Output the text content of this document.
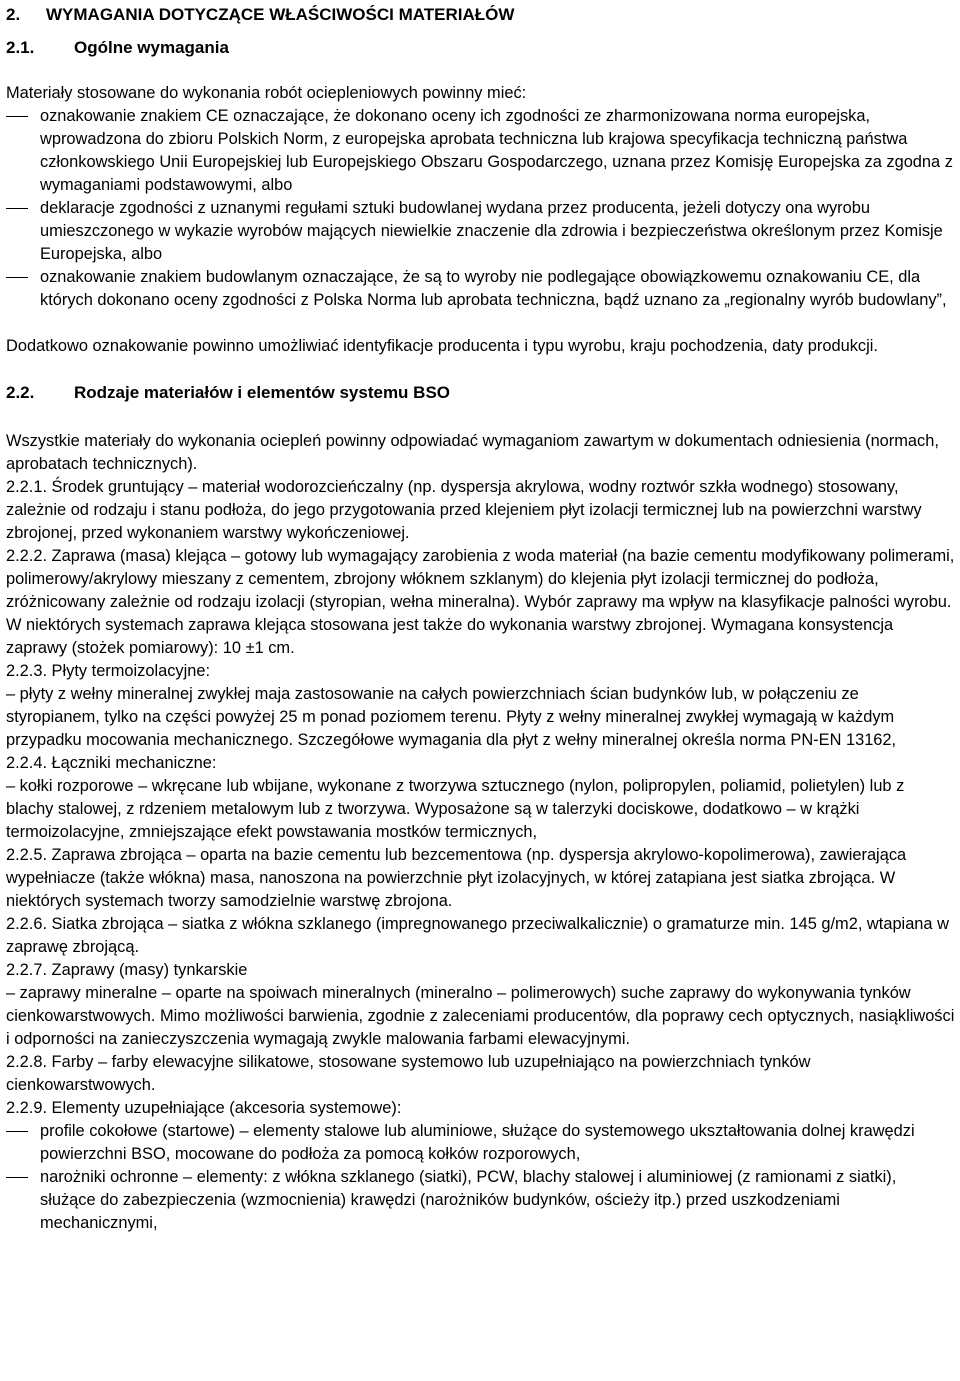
2. WYMAGANIA DOTYCZĄCE WŁAŚCIWOŚCI MATERIAŁÓW
2.1. Ogólne wymagania

Materiały stosowane do wykonania robót ociepleniowych powinny mieć:

oznakowanie znakiem CE oznaczające, że dokonano oceny ich zgodności ze zharmonizowana norma europejska, wprowadzona do zbioru Polskich Norm, z europejska aprobata techniczna lub krajowa specyfikacja techniczną państwa członkowskiego Unii Europejskiej lub Europejskiego Obszaru Gospodarczego, uznana przez Komisję Europejska za zgodna z wymaganiami podstawowymi, albo
deklaracje zgodności z uznanymi regułami sztuki budowlanej wydana przez producenta, jeżeli dotyczy ona wyrobu umieszczonego w wykazie wyrobów mających niewielkie znaczenie dla zdrowia i bezpieczeństwa określonym przez Komisje Europejska, albo
oznakowanie znakiem budowlanym oznaczające, że są to wyroby nie podlegające obowiązkowemu oznakowaniu CE, dla których dokonano oceny zgodności z Polska Norma lub aprobata techniczna, bądź uznano za „regionalny wyrób budowlany”,

Dodatkowo oznakowanie powinno umożliwiać identyfikacje producenta i typu wyrobu, kraju pochodzenia, daty produkcji.

2.2. Rodzaje materiałów i elementów systemu BSO

Wszystkie materiały do wykonania ociepleń powinny odpowiadać wymaganiom zawartym w dokumentach odniesienia (normach, aprobatach technicznych).

2.2.1. Środek gruntujący – materiał wodorozcieńczalny (np. dyspersja akrylowa, wodny roztwór szkła wodnego) stosowany, zależnie od rodzaju i stanu podłoża, do jego przygotowania przed klejeniem płyt izolacji termicznej lub na powierzchni warstwy zbrojonej, przed wykonaniem warstwy wykończeniowej.

2.2.2. Zaprawa (masa) klejąca – gotowy lub wymagający zarobienia z woda materiał (na bazie cementu modyfikowany polimerami, polimerowy/akrylowy mieszany z cementem, zbrojony włóknem szklanym) do klejenia płyt izolacji termicznej do podłoża, zróżnicowany zależnie od rodzaju izolacji (styropian, wełna mineralna). Wybór zaprawy ma wpływ na klasyfikacje palności wyrobu. W niektórych systemach zaprawa klejąca stosowana jest także do wykonania warstwy zbrojonej. Wymagana konsystencja zaprawy (stożek pomiarowy): 10 ±1 cm.

2.2.3. Płyty termoizolacyjne:

– płyty z wełny mineralnej zwykłej maja zastosowanie na całych powierzchniach ścian budynków lub, w połączeniu ze styropianem, tylko na części powyżej 25 m ponad poziomem terenu. Płyty z wełny mineralnej zwykłej wymagają w każdym przypadku mocowania mechanicznego. Szczegółowe wymagania dla płyt z wełny mineralnej określa norma PN-EN 13162,

2.2.4. Łączniki mechaniczne:

– kołki rozporowe – wkręcane lub wbijane, wykonane z tworzywa sztucznego (nylon, polipropylen, poliamid, polietylen) lub z blachy stalowej, z rdzeniem metalowym lub z tworzywa. Wyposażone są w talerzyki dociskowe, dodatkowo – w krążki termoizolacyjne, zmniejszające efekt powstawania mostków termicznych,

2.2.5. Zaprawa zbrojąca – oparta na bazie cementu lub bezcementowa (np. dyspersja akrylowo-kopolimerowa), zawierająca wypełniacze (także włókna) masa, nanoszona na powierzchnie płyt izolacyjnych, w której zatapiana jest siatka zbrojąca. W niektórych systemach tworzy samodzielnie warstwę zbrojona.

2.2.6. Siatka zbrojąca – siatka z włókna szklanego (impregnowanego przeciwalkalicznie) o gramaturze min. 145 g/m2, wtapiana w zaprawę zbrojącą.

2.2.7. Zaprawy (masy) tynkarskie

– zaprawy mineralne – oparte na spoiwach mineralnych (mineralno – polimerowych) suche zaprawy do wykonywania tynków cienkowarstwowych. Mimo możliwości barwienia, zgodnie z zaleceniami producentów, dla poprawy cech optycznych, nasiąkliwości i odporności na zanieczyszczenia wymagają zwykle malowania farbami elewacyjnymi.

2.2.8. Farby – farby elewacyjne silikatowe, stosowane systemowo lub uzupełniająco na powierzchniach tynków cienkowarstwowych.

2.2.9. Elementy uzupełniające (akcesoria systemowe):

profile cokołowe (startowe) – elementy stalowe lub aluminiowe, służące do systemowego ukształtowania dolnej krawędzi powierzchni BSO, mocowane do podłoża za pomocą kołków rozporowych,
narożniki ochronne – elementy: z włókna szklanego (siatki), PCW, blachy stalowej i aluminiowej (z ramionami z siatki), służące do zabezpieczenia (wzmocnienia) krawędzi (narożników budynków, ościeży itp.) przed uszkodzeniami mechanicznymi,
